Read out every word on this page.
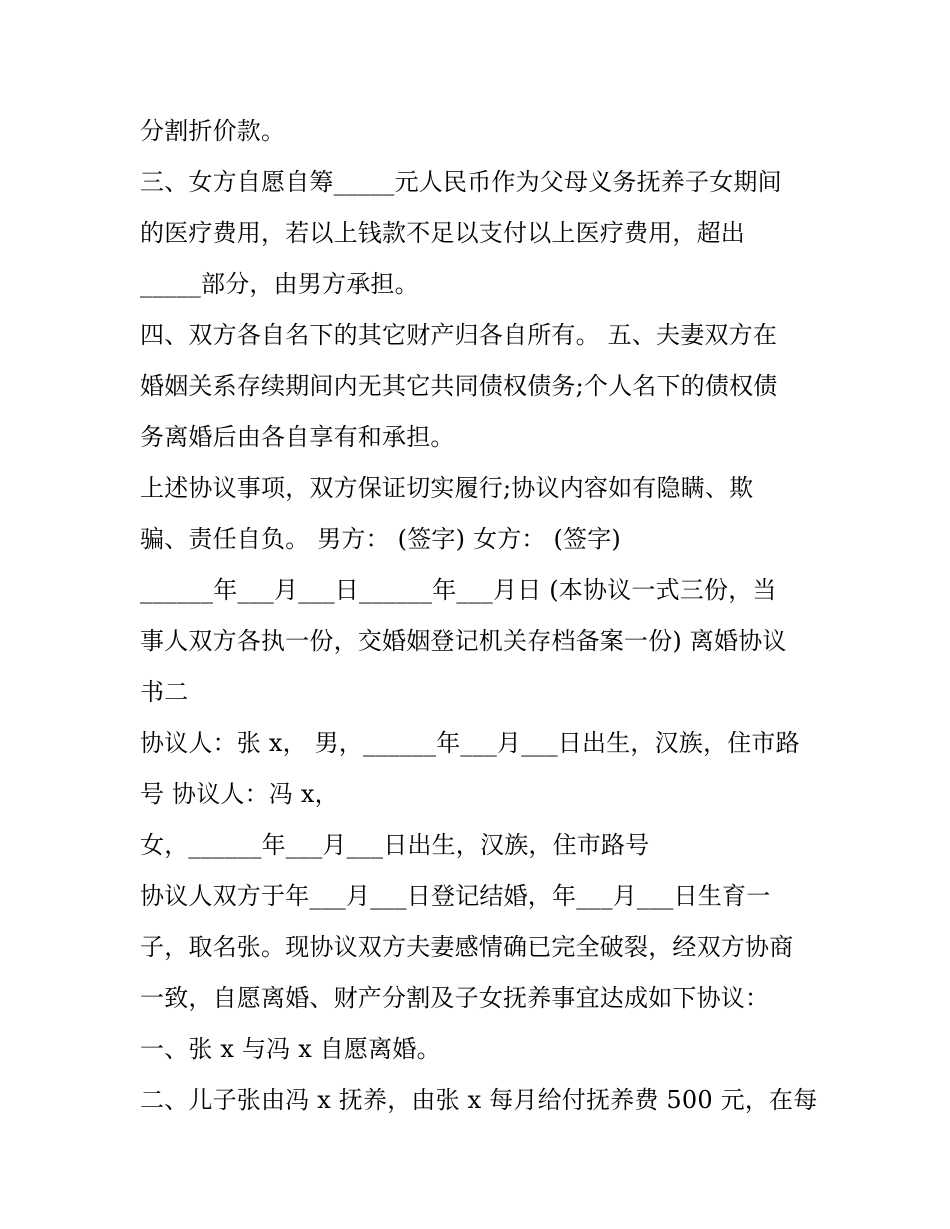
分割折价款。
三、女方自愿自筹_____元人民币作为父母义务抚养子女期间
的医疗费用，若以上钱款不足以支付以上医疗费用，超出
_____部分，由男方承担。
四、双方各自名下的其它财产归各自所有。 五、夫妻双方在
婚姻关系存续期间内无其它共同债权债务;个人名下的债权债
务离婚后由各自享有和承担。
上述协议事项，双方保证切实履行;协议内容如有隐瞒、欺
骗、责任自负。 男方： (签字) 女方： (签字)
______年___月___日______年___月日 (本协议一式三份，当
事人双方各执一份，交婚姻登记机关存档备案一份) 离婚协议
书二
协议人：张 x， 男，______年___月___日出生，汉族，住市路
号 协议人：冯 x，
女，______年___月___日出生，汉族，住市路号
协议人双方于年___月___日登记结婚，年___月___日生育一
子，取名张。现协议双方夫妻感情确已完全破裂，经双方协商
一致，自愿离婚、财产分割及子女抚养事宜达成如下协议：
一、张 x 与冯 x 自愿离婚。
二、儿子张由冯 x 抚养，由张 x 每月给付抚养费 500 元，在每
